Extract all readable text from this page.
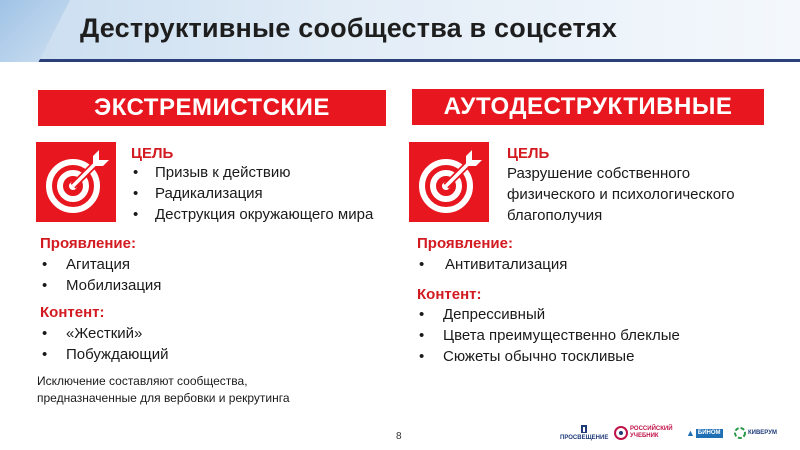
Деструктивные сообщества в соцсетях
ЭКСТРЕМИСТСКИЕ	АУТОДЕСТРУКТИВНЫЕ
ЦЕЛЬ
• Призыв к действию
• Радикализация
• Деструкция окружающего мира
Проявление:
• Агитация
• Мобилизация
Контент:
• «Жесткий»
• Побуждающий
Исключение составляют сообщества, предназначенные для вербовки и рекрутинга
ЦЕЛЬ
Разрушение собственного физического и психологического благополучия
Проявление:
• Антивитализация
Контент:
• Депрессивный
• Цвета преимущественно блеклые
• Сюжеты обычно тоскливые
8	ПРОСВЕЩЕНИЕ
РОССИЙСКИЙ УЧЕБНИК	▲ БИНОМ	КИВЕРУМ
